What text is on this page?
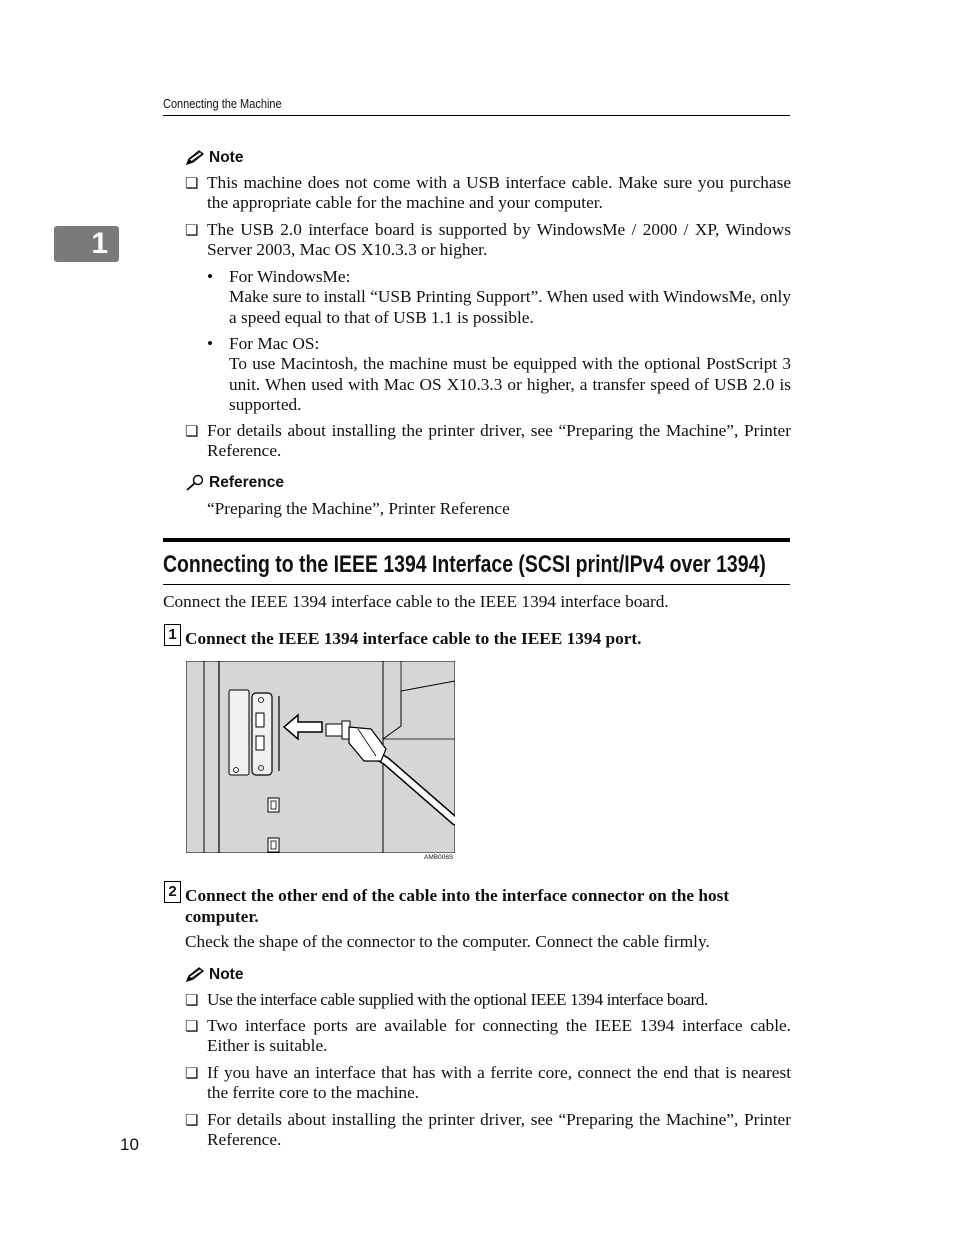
Connecting the Machine
1
Note
❏ This machine does not come with a USB interface cable. Make sure you purchase the appropriate cable for the machine and your computer.
❏ The USB 2.0 interface board is supported by WindowsMe / 2000 / XP, Windows Server 2003, Mac OS X10.3.3 or higher.
• For WindowsMe:
Make sure to install “USB Printing Support”. When used with WindowsMe, only a speed equal to that of USB 1.1 is possible.
• For Mac OS:
To use Macintosh, the machine must be equipped with the optional PostScript 3 unit. When used with Mac OS X10.3.3 or higher, a transfer speed of USB 2.0 is supported.
❏ For details about installing the printer driver, see “Preparing the Machine”, Printer Reference.
Reference
“Preparing the Machine”, Printer Reference
Connecting to the IEEE 1394 Interface (SCSI print/IPv4 over 1394)
Connect the IEEE 1394 interface cable to the IEEE 1394 interface board.
1 Connect the IEEE 1394 interface cable to the IEEE 1394 port.
AMB006S
2 Connect the other end of the cable into the interface connector on the host computer.
Check the shape of the connector to the computer. Connect the cable firmly.
Note
❏ Use the interface cable supplied with the optional IEEE 1394 interface board.
❏ Two interface ports are available for connecting the IEEE 1394 interface cable. Either is suitable.
❏ If you have an interface that has with a ferrite core, connect the end that is nearest the ferrite core to the machine.
❏ For details about installing the printer driver, see “Preparing the Machine”, Printer Reference.
10
